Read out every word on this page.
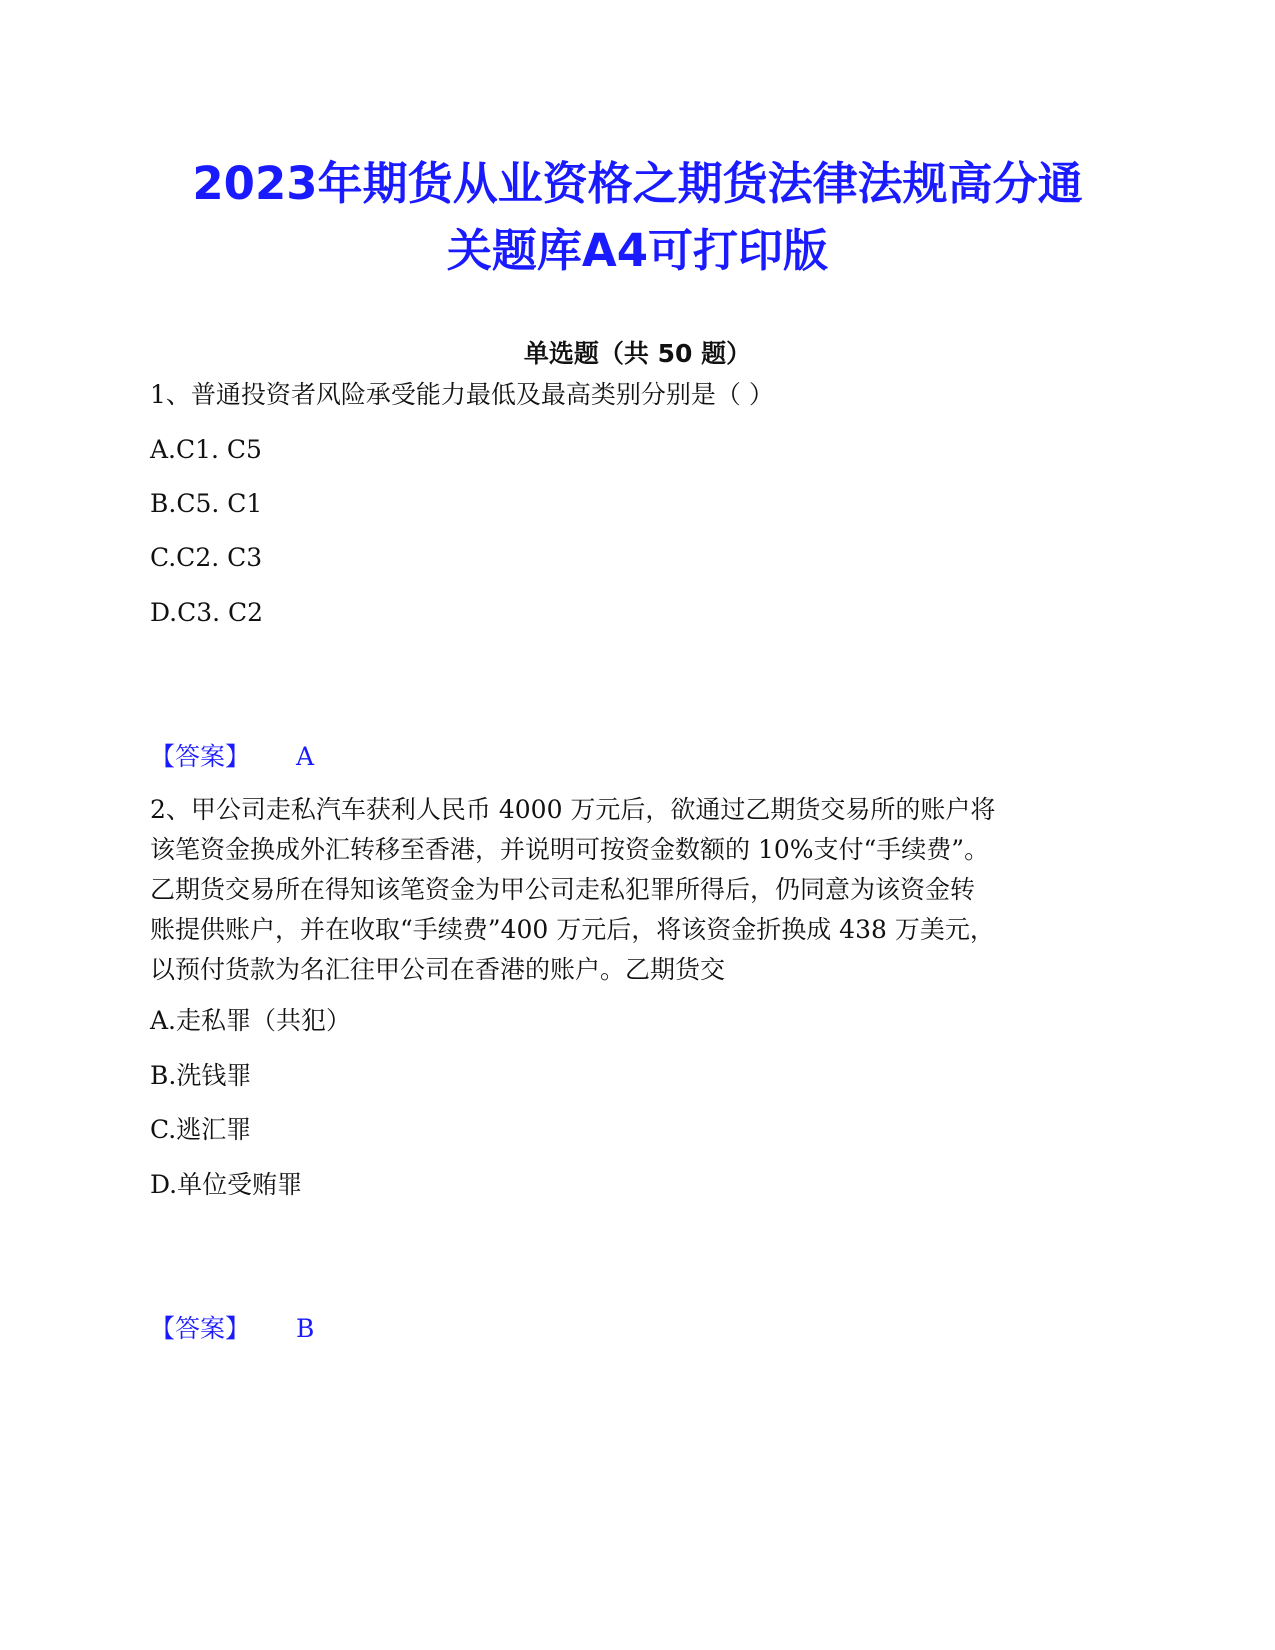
2023年期货从业资格之期货法律法规高分通
关题库A4可打印版
单选题（共 50 题）
1、普通投资者风险承受能力最低及最高类别分别是（ ）
A.C1. C5
B.C5. C1
C.C2. C3
D.C3. C2
【答案】 A
2、甲公司走私汽车获利人民币 4000 万元后，欲通过乙期货交易所的账户将
该笔资金换成外汇转移至香港，并说明可按资金数额的 10%支付“手续费”。
乙期货交易所在得知该笔资金为甲公司走私犯罪所得后，仍同意为该资金转
账提供账户，并在收取“手续费”400 万元后，将该资金折换成 438 万美元，
以预付货款为名汇往甲公司在香港的账户。乙期货交
A.走私罪（共犯）
B.洗钱罪
C.逃汇罪
D.单位受贿罪
【答案】 B
